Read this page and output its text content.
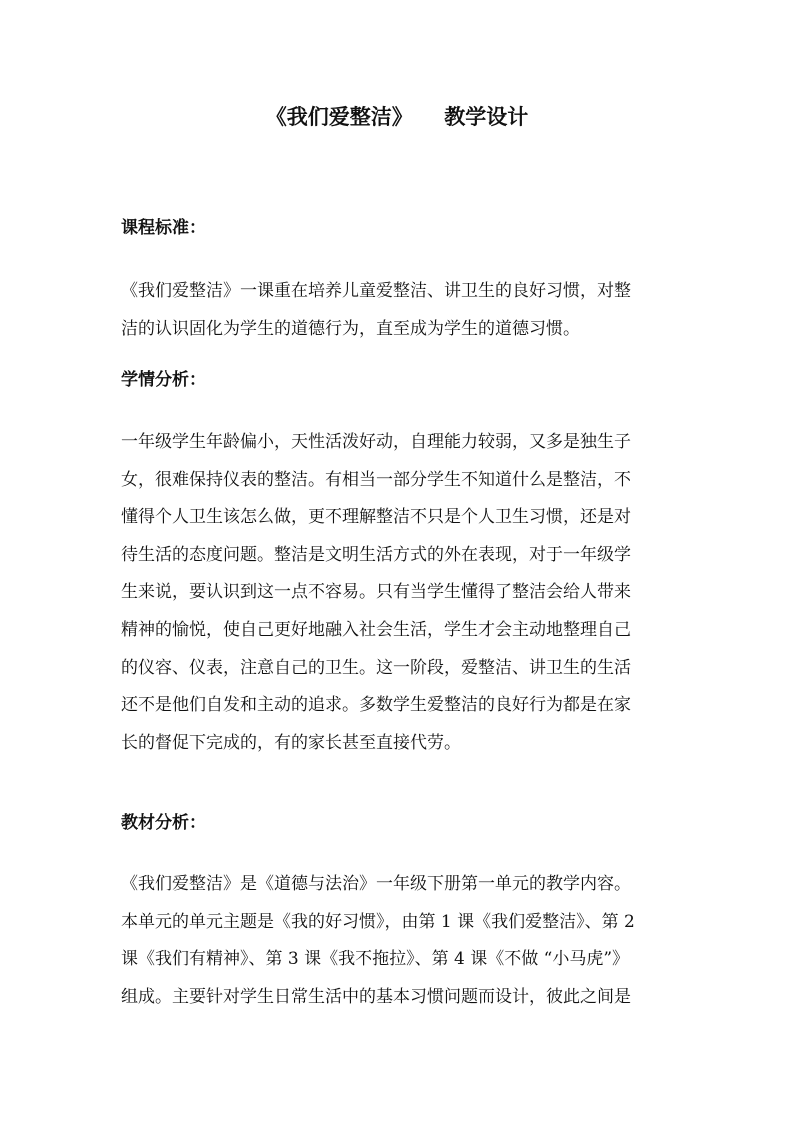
《我们爱整洁》　　教学设计

课程标准：

《我们爱整洁》一课重在培养儿童爱整洁、讲卫生的良好习惯，对整
洁的认识固化为学生的道德行为，直至成为学生的道德习惯。

学情分析：

一年级学生年龄偏小，天性活泼好动，自理能力较弱，又多是独生子
女，很难保持仪表的整洁。有相当一部分学生不知道什么是整洁，不
懂得个人卫生该怎么做，更不理解整洁不只是个人卫生习惯，还是对
待生活的态度问题。整洁是文明生活方式的外在表现，对于一年级学
生来说，要认识到这一点不容易。只有当学生懂得了整洁会给人带来
精神的愉悦，使自己更好地融入社会生活，学生才会主动地整理自己
的仪容、仪表，注意自己的卫生。这一阶段，爱整洁、讲卫生的生活
还不是他们自发和主动的追求。多数学生爱整洁的良好行为都是在家
长的督促下完成的，有的家长甚至直接代劳。

教材分析：

《我们爱整洁》是《道德与法治》一年级下册第一单元的教学内容。
本单元的单元主题是《我的好习惯》，由第 1 课《我们爱整洁》、第 2
课《我们有精神》、第 3 课《我不拖拉》、第 4 课《不做 “小马虎”》
组成。主要针对学生日常生活中的基本习惯问题而设计，彼此之间是
